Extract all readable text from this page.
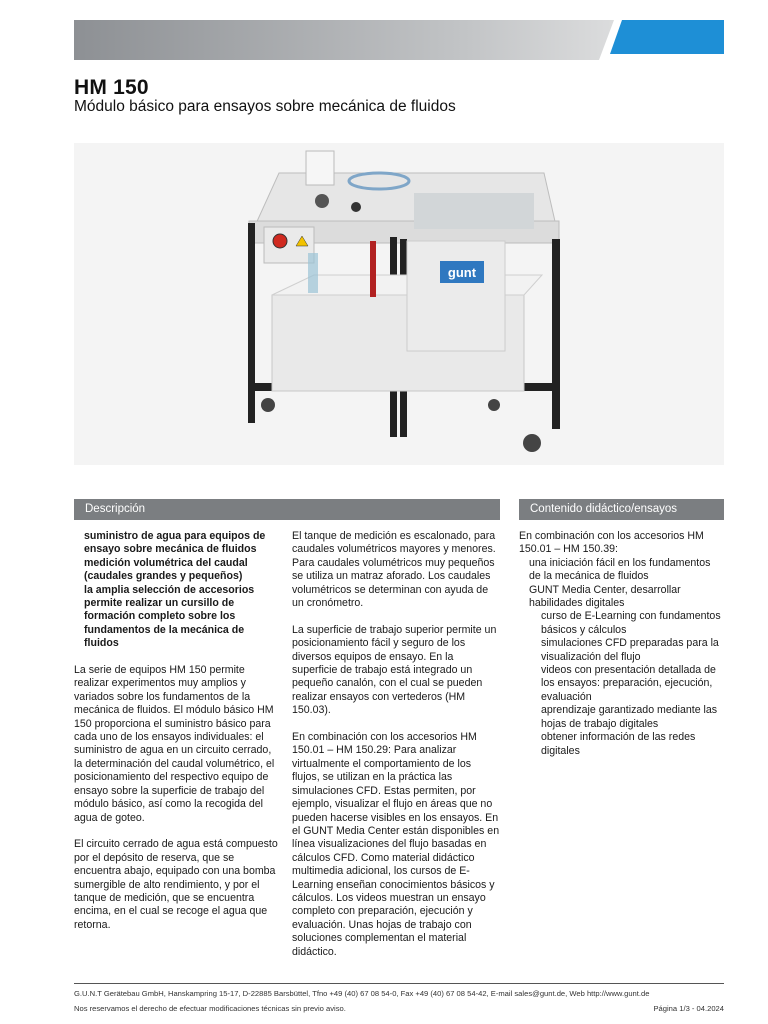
HM 150
Módulo básico para ensayos sobre mecánica de fluidos
gunt
Descripción	Contenido didáctico/ensayos
suministro de agua para equipos de ensayo sobre mecánica de fluidos
medición volumétrica del caudal (caudales grandes y pequeños)
la amplia selección de accesorios permite realizar un cursillo de formación completo sobre los fundamentos de la mecánica de fluidos

La serie de equipos HM 150 permite realizar experimentos muy amplios y variados sobre los fundamentos de la mecánica de fluidos. El módulo básico HM 150 proporciona el suministro básico para cada uno de los ensayos individuales: el suministro de agua en un circuito cerrado, la determinación del caudal volumétrico, el posicionamiento del respectivo equipo de ensayo sobre la superficie de trabajo del módulo básico, así como la recogida del agua de goteo.

El circuito cerrado de agua está compuesto por el depósito de reserva, que se encuentra abajo, equipado con una bomba sumergible de alto rendimiento, y por el tanque de medición, que se encuentra encima, en el cual se recoge el agua que retorna.

El tanque de medición es escalonado, para caudales volumétricos mayores y menores. Para caudales volumétricos muy pequeños se utiliza un matraz aforado. Los caudales volumétricos se determinan con ayuda de un cronómetro.

La superficie de trabajo superior permite un posicionamiento fácil y seguro de los diversos equipos de ensayo. En la superficie de trabajo está integrado un pequeño canalón, con el cual se pueden realizar ensayos con vertederos (HM 150.03).

En combinación con los accesorios HM 150.01 – HM 150.29: Para analizar virtualmente el comportamiento de los flujos, se utilizan en la práctica las simulaciones CFD. Estas permiten, por ejemplo, visualizar el flujo en áreas que no pueden hacerse visibles en los ensayos. En el GUNT Media Center están disponibles en línea visualizaciones del flujo basadas en cálculos CFD. Como material didáctico multimedia adicional, los cursos de E-Learning enseñan conocimientos básicos y cálculos. Los videos muestran un ensayo completo con preparación, ejecución y evaluación. Unas hojas de trabajo con soluciones complementan el material didáctico.

En combinación con los accesorios HM 150.01 – HM 150.39:
una iniciación fácil en los fundamentos de la mecánica de fluidos
GUNT Media Center, desarrollar habilidades digitales
curso de E-Learning con fundamentos básicos y cálculos
simulaciones CFD preparadas para la visualización del flujo
videos con presentación detallada de los ensayos: preparación, ejecución, evaluación
aprendizaje garantizado mediante las hojas de trabajo digitales
obtener información de las redes digitales
G.U.N.T Gerätebau GmbH, Hanskampring 15-17, D-22885 Barsbüttel, Tfno +49 (40) 67 08 54-0, Fax +49 (40) 67 08 54-42, E-mail sales@gunt.de, Web http://www.gunt.de
Nos reservamos el derecho de efectuar modificaciones técnicas sin previo aviso.	Página 1/3 - 04.2024
